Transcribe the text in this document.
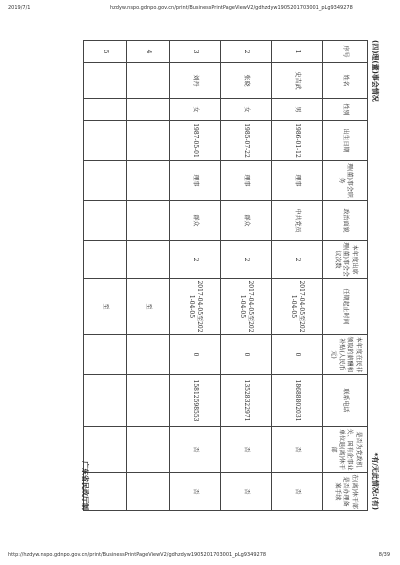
2019/7/1	hzdyw.nspo.gdnpo.gov.cn/print/BusinessPrintPageViewV2/gdhzdyw1905201703001_pLg9349278
(四)理(董)事会情况
*有/无此情况:(有)
序号	姓名	性别	出生日期	理(董)事会职务	政治面貌	本年度出席理(董)事会会议次数	任期起止时间	本年度在民非领取的薪酬和补贴(人民币元)	联系电话	是否为党政机关、国有企事业单位退(离)休干部	在(离)休干部是否办理备案手续
1	史吉武	男	1986-01-12	理事	中共党员	2	2017-04-05至2021-04-05	0	18688802031	否	否
2	张晓	女	1985-07-22	理事	群众	2	2017-04-05至2021-04-05	0	13528322971	否	否
3	刘丹	女	1987-05-01	理事	群众	2	2017-04-05至2021-04-05	0	15812598553	否	否
4							至				
5							至				
广东省民政厅制
http://hzdyw.nspo.gdnpo.gov.cn/print/BusinessPrintPageViewV2/gdhzdyw1905201703001_pLg9349278	8/39
